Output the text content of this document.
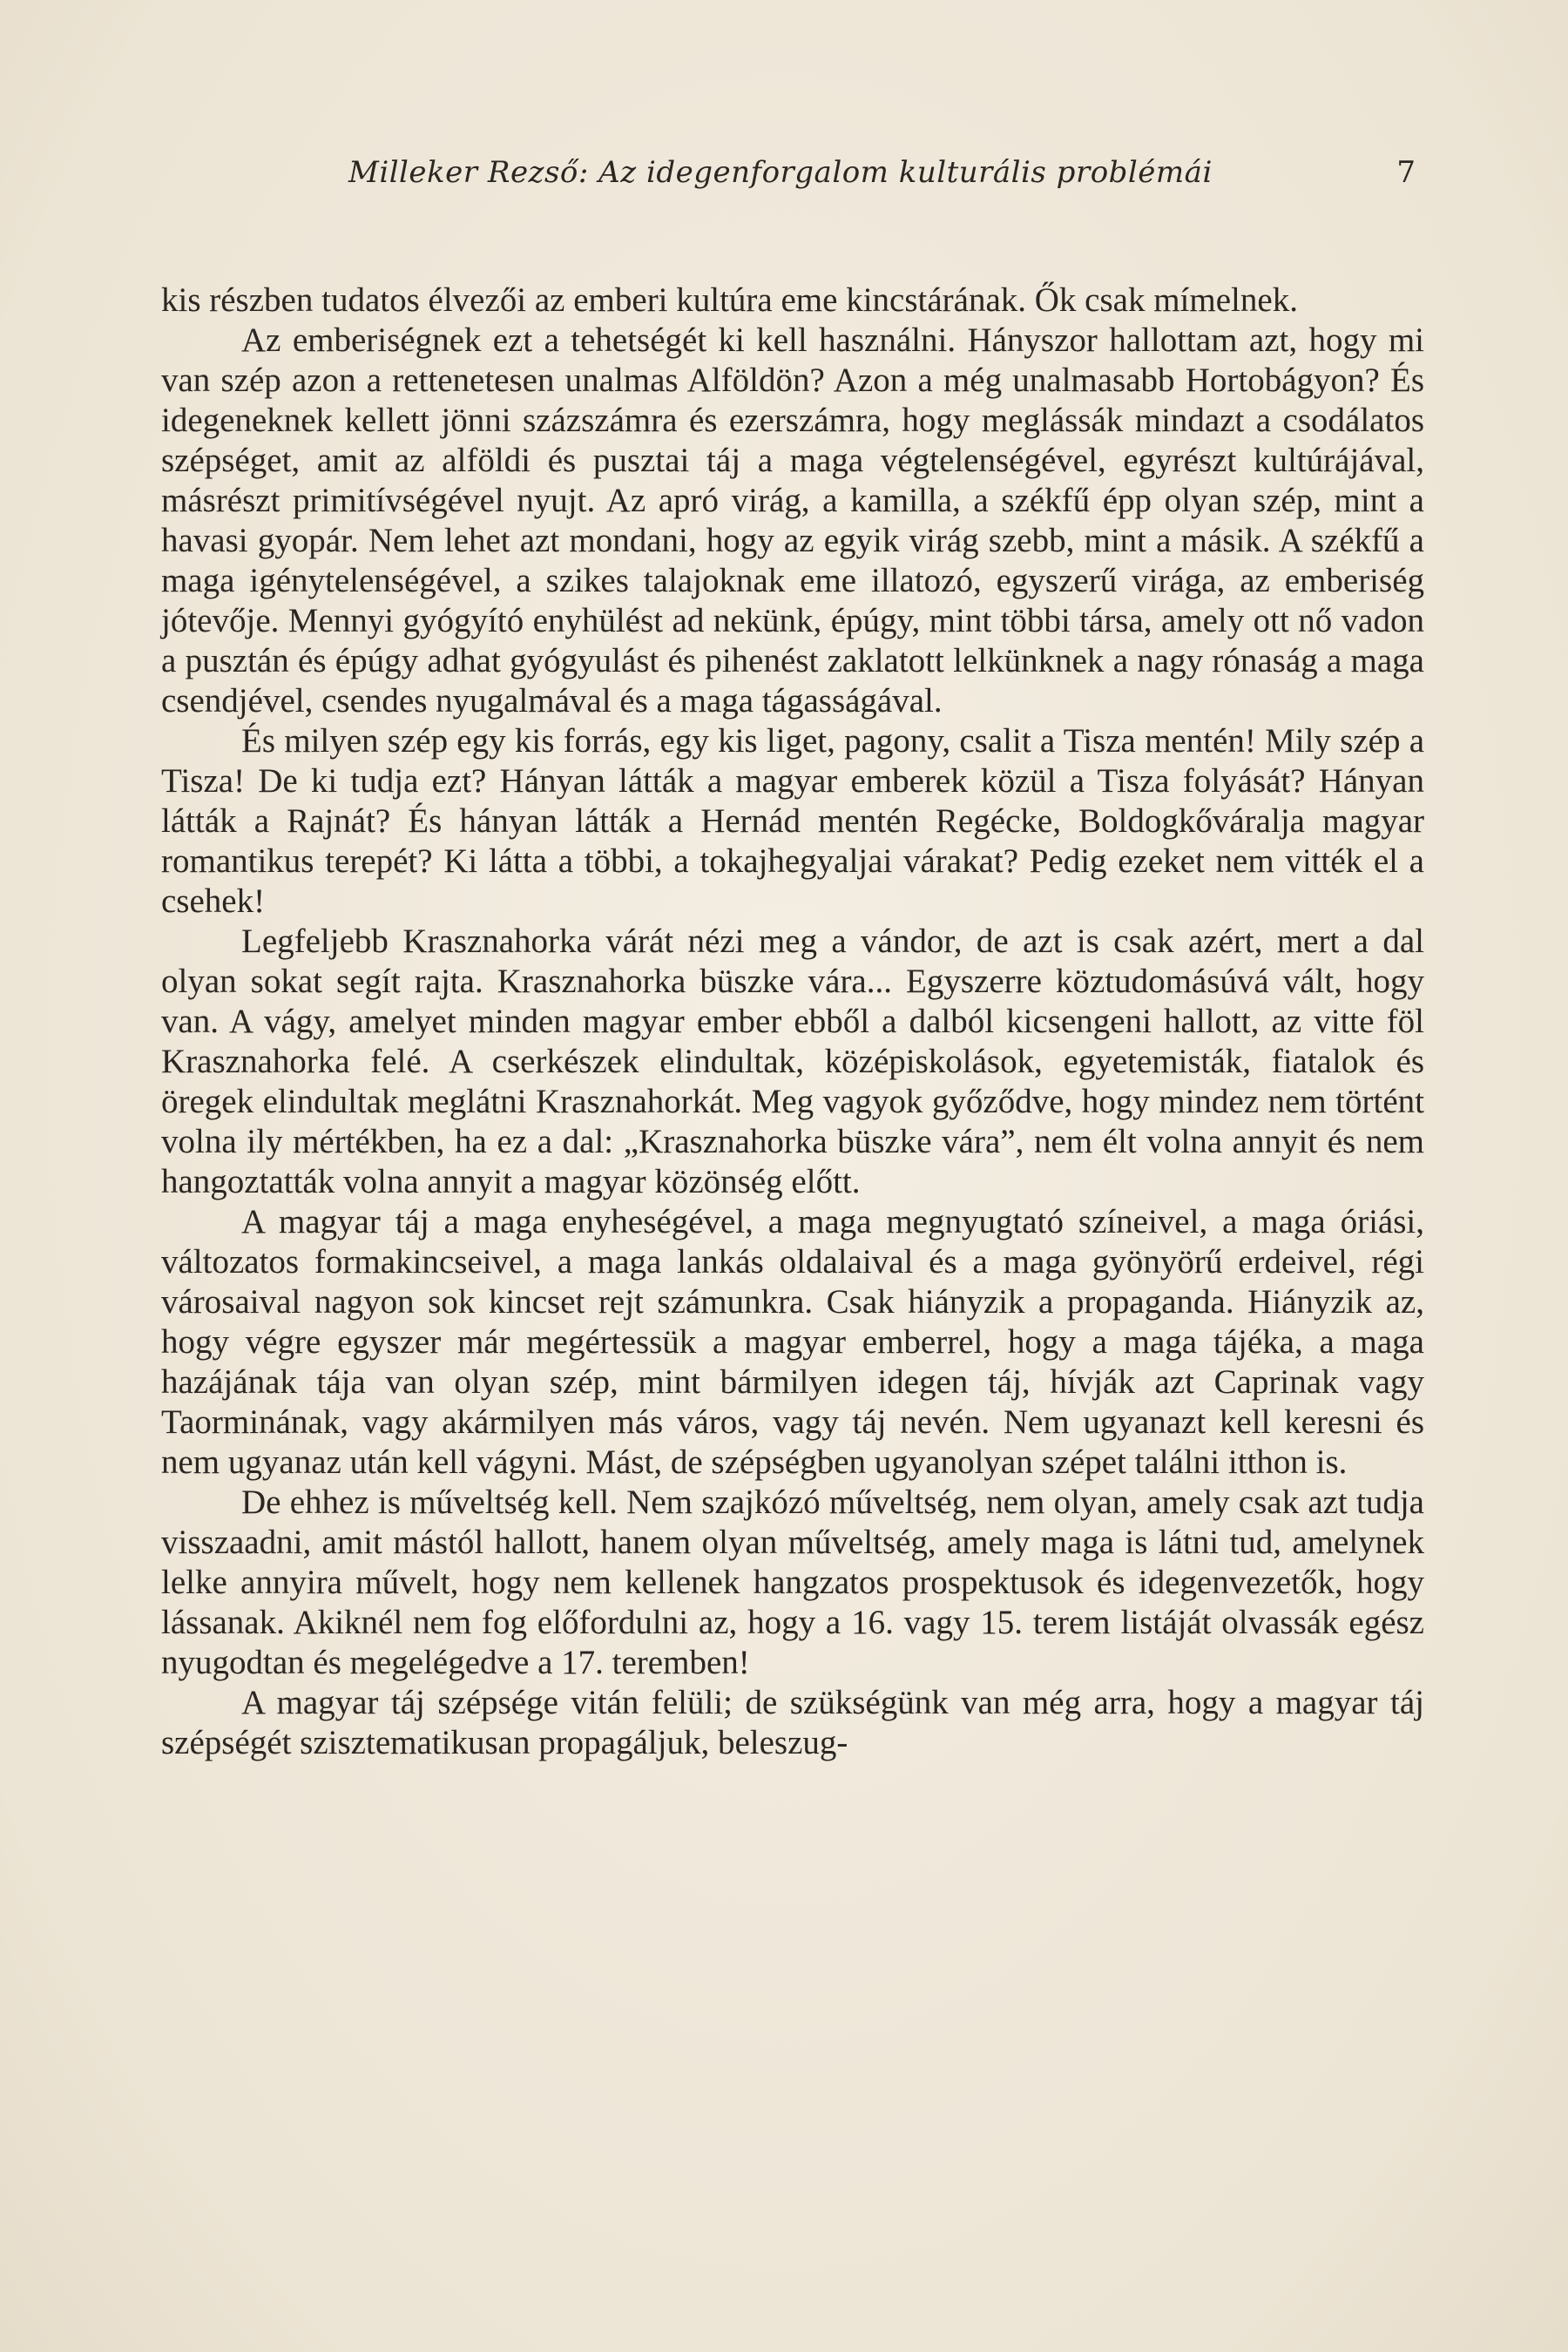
Milleker Rezső: Az idegenforgalom kulturális problémái	7

kis részben tudatos élvezői az emberi kultúra eme kincstárának. Ők csak mímelnek.

Az emberiségnek ezt a tehetségét ki kell használni. Hányszor hallottam azt, hogy mi van szép azon a rettenetesen unalmas Alföldön? Azon a még unalmasabb Hortobágyon? És idegeneknek kellett jönni százszámra és ezerszámra, hogy meglássák mindazt a csodálatos szépséget, amit az alföldi és pusztai táj a maga végtelenségével, egyrészt kultúrájával, másrészt primitívségével nyujt. Az apró virág, a kamilla, a székfű épp olyan szép, mint a havasi gyopár. Nem lehet azt mondani, hogy az egyik virág szebb, mint a másik. A székfű a maga igénytelenségével, a szikes talajoknak eme illatozó, egyszerű virága, az emberiség jótevője. Mennyi gyógyító enyhülést ad nekünk, épúgy, mint többi társa, amely ott nő vadon a pusztán és épúgy adhat gyógyulást és pihenést zaklatott lelkünknek a nagy rónaság a maga csendjével, csendes nyugalmával és a maga tágasságával.

És milyen szép egy kis forrás, egy kis liget, pagony, csalit a Tisza mentén! Mily szép a Tisza! De ki tudja ezt? Hányan látták a magyar emberek közül a Tisza folyását? Hányan látták a Rajnát? És hányan látták a Hernád mentén Regécke, Boldogkőváralja magyar romantikus terepét? Ki látta a többi, a tokajhegyaljai várakat? Pedig ezeket nem vitték el a csehek!

Legfeljebb Krasznahorka várát nézi meg a vándor, de azt is csak azért, mert a dal olyan sokat segít rajta. Krasznahorka büszke vára... Egyszerre köztudomásúvá vált, hogy van. A vágy, amelyet minden magyar ember ebből a dalból kicsengeni hallott, az vitte föl Krasznahorka felé. A cserkészek elindultak, középiskolások, egyetemisták, fiatalok és öregek elindultak meglátni Krasznahorkát. Meg vagyok győződve, hogy mindez nem történt volna ily mértékben, ha ez a dal: „Krasznahorka büszke vára”, nem élt volna annyit és nem hangoztatták volna annyit a magyar közönség előtt.

A magyar táj a maga enyheségével, a maga megnyugtató színeivel, a maga óriási, változatos formakincseivel, a maga lankás oldalaival és a maga gyönyörű erdeivel, régi városaival nagyon sok kincset rejt számunkra. Csak hiányzik a propaganda. Hiányzik az, hogy végre egyszer már megértessük a magyar emberrel, hogy a maga tájéka, a maga hazájának tája van olyan szép, mint bármilyen idegen táj, hívják azt Caprinak vagy Taorminának, vagy akármilyen más város, vagy táj nevén. Nem ugyanazt kell keresni és nem ugyanaz után kell vágyni. Mást, de szépségben ugyanolyan szépet találni itthon is.

De ehhez is műveltség kell. Nem szajkózó műveltség, nem olyan, amely csak azt tudja visszaadni, amit mástól hallott, hanem olyan műveltség, amely maga is látni tud, amelynek lelke annyira művelt, hogy nem kellenek hangzatos prospektusok és idegenvezetők, hogy lássanak. Akiknél nem fog előfordulni az, hogy a 16. vagy 15. terem listáját olvassák egész nyugodtan és megelégedve a 17. teremben!

A magyar táj szépsége vitán felüli; de szükségünk van még arra, hogy a magyar táj szépségét szisztematikusan propagáljuk, beleszug-
